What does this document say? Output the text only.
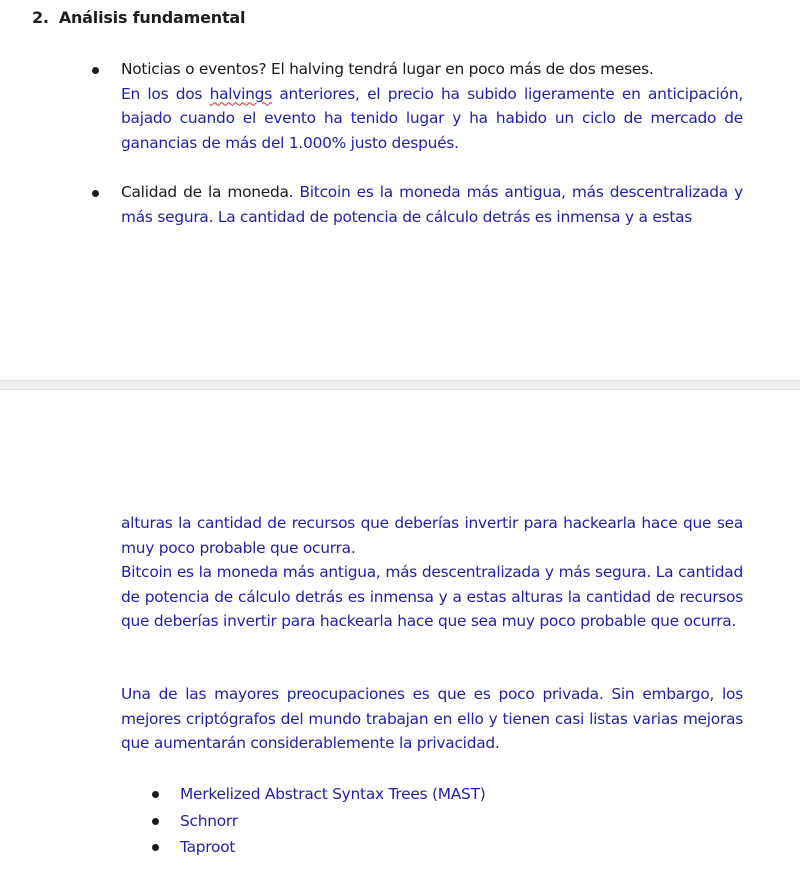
2. Análisis fundamental

Noticias o eventos? El halving tendrá lugar en poco más de dos meses.
En los dos halvings anteriores, el precio ha subido ligeramente en anticipación, bajado cuando el evento ha tenido lugar y ha habido un ciclo de mercado de ganancias de más del 1.000% justo después.

Calidad de la moneda. Bitcoin es la moneda más antigua, más descentralizada y más segura. La cantidad de potencia de cálculo detrás es inmensa y a estas

alturas la cantidad de recursos que deberías invertir para hackearla hace que sea muy poco probable que ocurra.
Bitcoin es la moneda más antigua, más descentralizada y más segura. La cantidad de potencia de cálculo detrás es inmensa y a estas alturas la cantidad de recursos que deberías invertir para hackearla hace que sea muy poco probable que ocurra.

Una de las mayores preocupaciones es que es poco privada. Sin embargo, los mejores criptógrafos del mundo trabajan en ello y tienen casi listas varias mejoras que aumentarán considerablemente la privacidad.

Merkelized Abstract Syntax Trees (MAST)
Schnorr
Taproot
